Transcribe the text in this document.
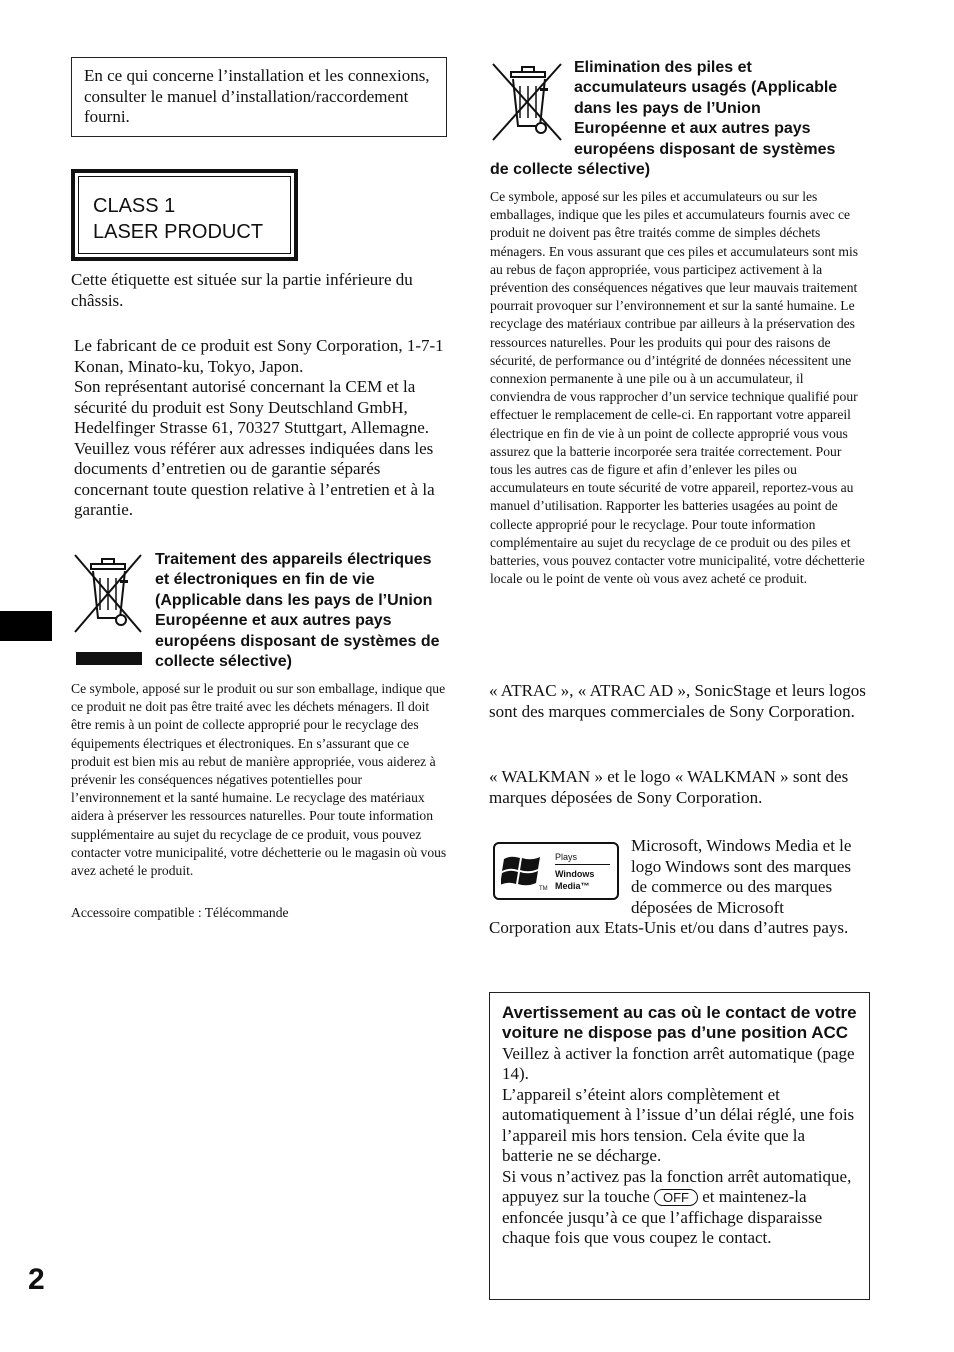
En ce qui concerne l’installation et les connexions, consulter le manuel d’installation/raccordement fourni.
CLASS 1
LASER PRODUCT
Cette étiquette est située sur la partie inférieure du châssis.
Le fabricant de ce produit est Sony Corporation, 1-7-1 Konan, Minato-ku, Tokyo, Japon.
Son représentant autorisé concernant la CEM et la sécurité du produit est Sony Deutschland GmbH, Hedelfinger Strasse 61, 70327 Stuttgart, Allemagne. Veuillez vous référer aux adresses indiquées dans les documents d’entretien ou de garantie séparés concernant toute question relative à l’entretien et à la garantie.
Traitement des appareils électriques et électroniques en fin de vie (Applicable dans les pays de l’Union Européenne et aux autres pays européens disposant de systèmes de collecte sélective)
Ce symbole, apposé sur le produit ou sur son emballage, indique que ce produit ne doit pas être traité avec les déchets ménagers. Il doit être remis à un point de collecte approprié pour le recyclage des équipements électriques et électroniques. En s’assurant que ce produit est bien mis au rebut de manière appropriée, vous aiderez à prévenir les conséquences négatives potentielles pour l’environnement et la santé humaine. Le recyclage des matériaux aidera à préserver les ressources naturelles. Pour toute information supplémentaire au sujet du recyclage de ce produit, vous pouvez contacter votre municipalité, votre déchetterie ou le magasin où vous avez acheté le produit.
Accessoire compatible : Télécommande
2
Elimination des piles et accumulateurs usagés (Applicable dans les pays de l’Union Européenne et aux autres pays européens disposant de systèmes
de collecte sélective)
Ce symbole, apposé sur les piles et accumulateurs ou sur les emballages, indique que les piles et accumulateurs fournis avec ce produit ne doivent pas être traités comme de simples déchets ménagers. En vous assurant que ces piles et accumulateurs sont mis au rebus de façon appropriée, vous participez activement à la prévention des conséquences négatives que leur mauvais traitement pourrait provoquer sur l’environnement et sur la santé humaine. Le recyclage des matériaux contribue par ailleurs à la préservation des ressources naturelles. Pour les produits qui pour des raisons de sécurité, de performance ou d’intégrité de données nécessitent une connexion permanente à une pile ou à un accumulateur, il conviendra de vous rapprocher d’un service technique qualifié pour effectuer le remplacement de celle-ci. En rapportant votre appareil électrique en fin de vie à un point de collecte approprié vous vous assurez que la batterie incorporée sera traitée correctement. Pour tous les autres cas de figure et afin d’enlever les piles ou accumulateurs en toute sécurité de votre appareil, reportez-vous au manuel d’utilisation. Rapporter les batteries usagées au point de collecte approprié pour le recyclage. Pour toute information complémentaire au sujet du recyclage de ce produit ou des piles et batteries, vous pouvez contacter votre municipalité, votre déchetterie locale ou le point de vente où vous avez acheté ce produit.
« ATRAC », « ATRAC AD », SonicStage et leurs logos sont des marques commerciales de Sony Corporation.
« WALKMAN » et le logo « WALKMAN » sont des marques déposées de Sony Corporation.
Microsoft, Windows Media et le logo Windows sont des marques de commerce ou des marques déposées de Microsoft Corporation aux Etats-Unis et/ou dans d’autres pays.
TM
Plays
Windows
Media™
Avertissement au cas où le contact de votre voiture ne dispose pas d’une position ACC
Veillez à activer la fonction arrêt automatique (page 14).
L’appareil s’éteint alors complètement et automatiquement à l’issue d’un délai réglé, une fois l’appareil mis hors tension. Cela évite que la batterie ne se décharge.
Si vous n’activez pas la fonction arrêt automatique, appuyez sur la touche OFF et maintenez-la enfoncée jusqu’à ce que l’affichage disparaisse chaque fois que vous coupez le contact.
